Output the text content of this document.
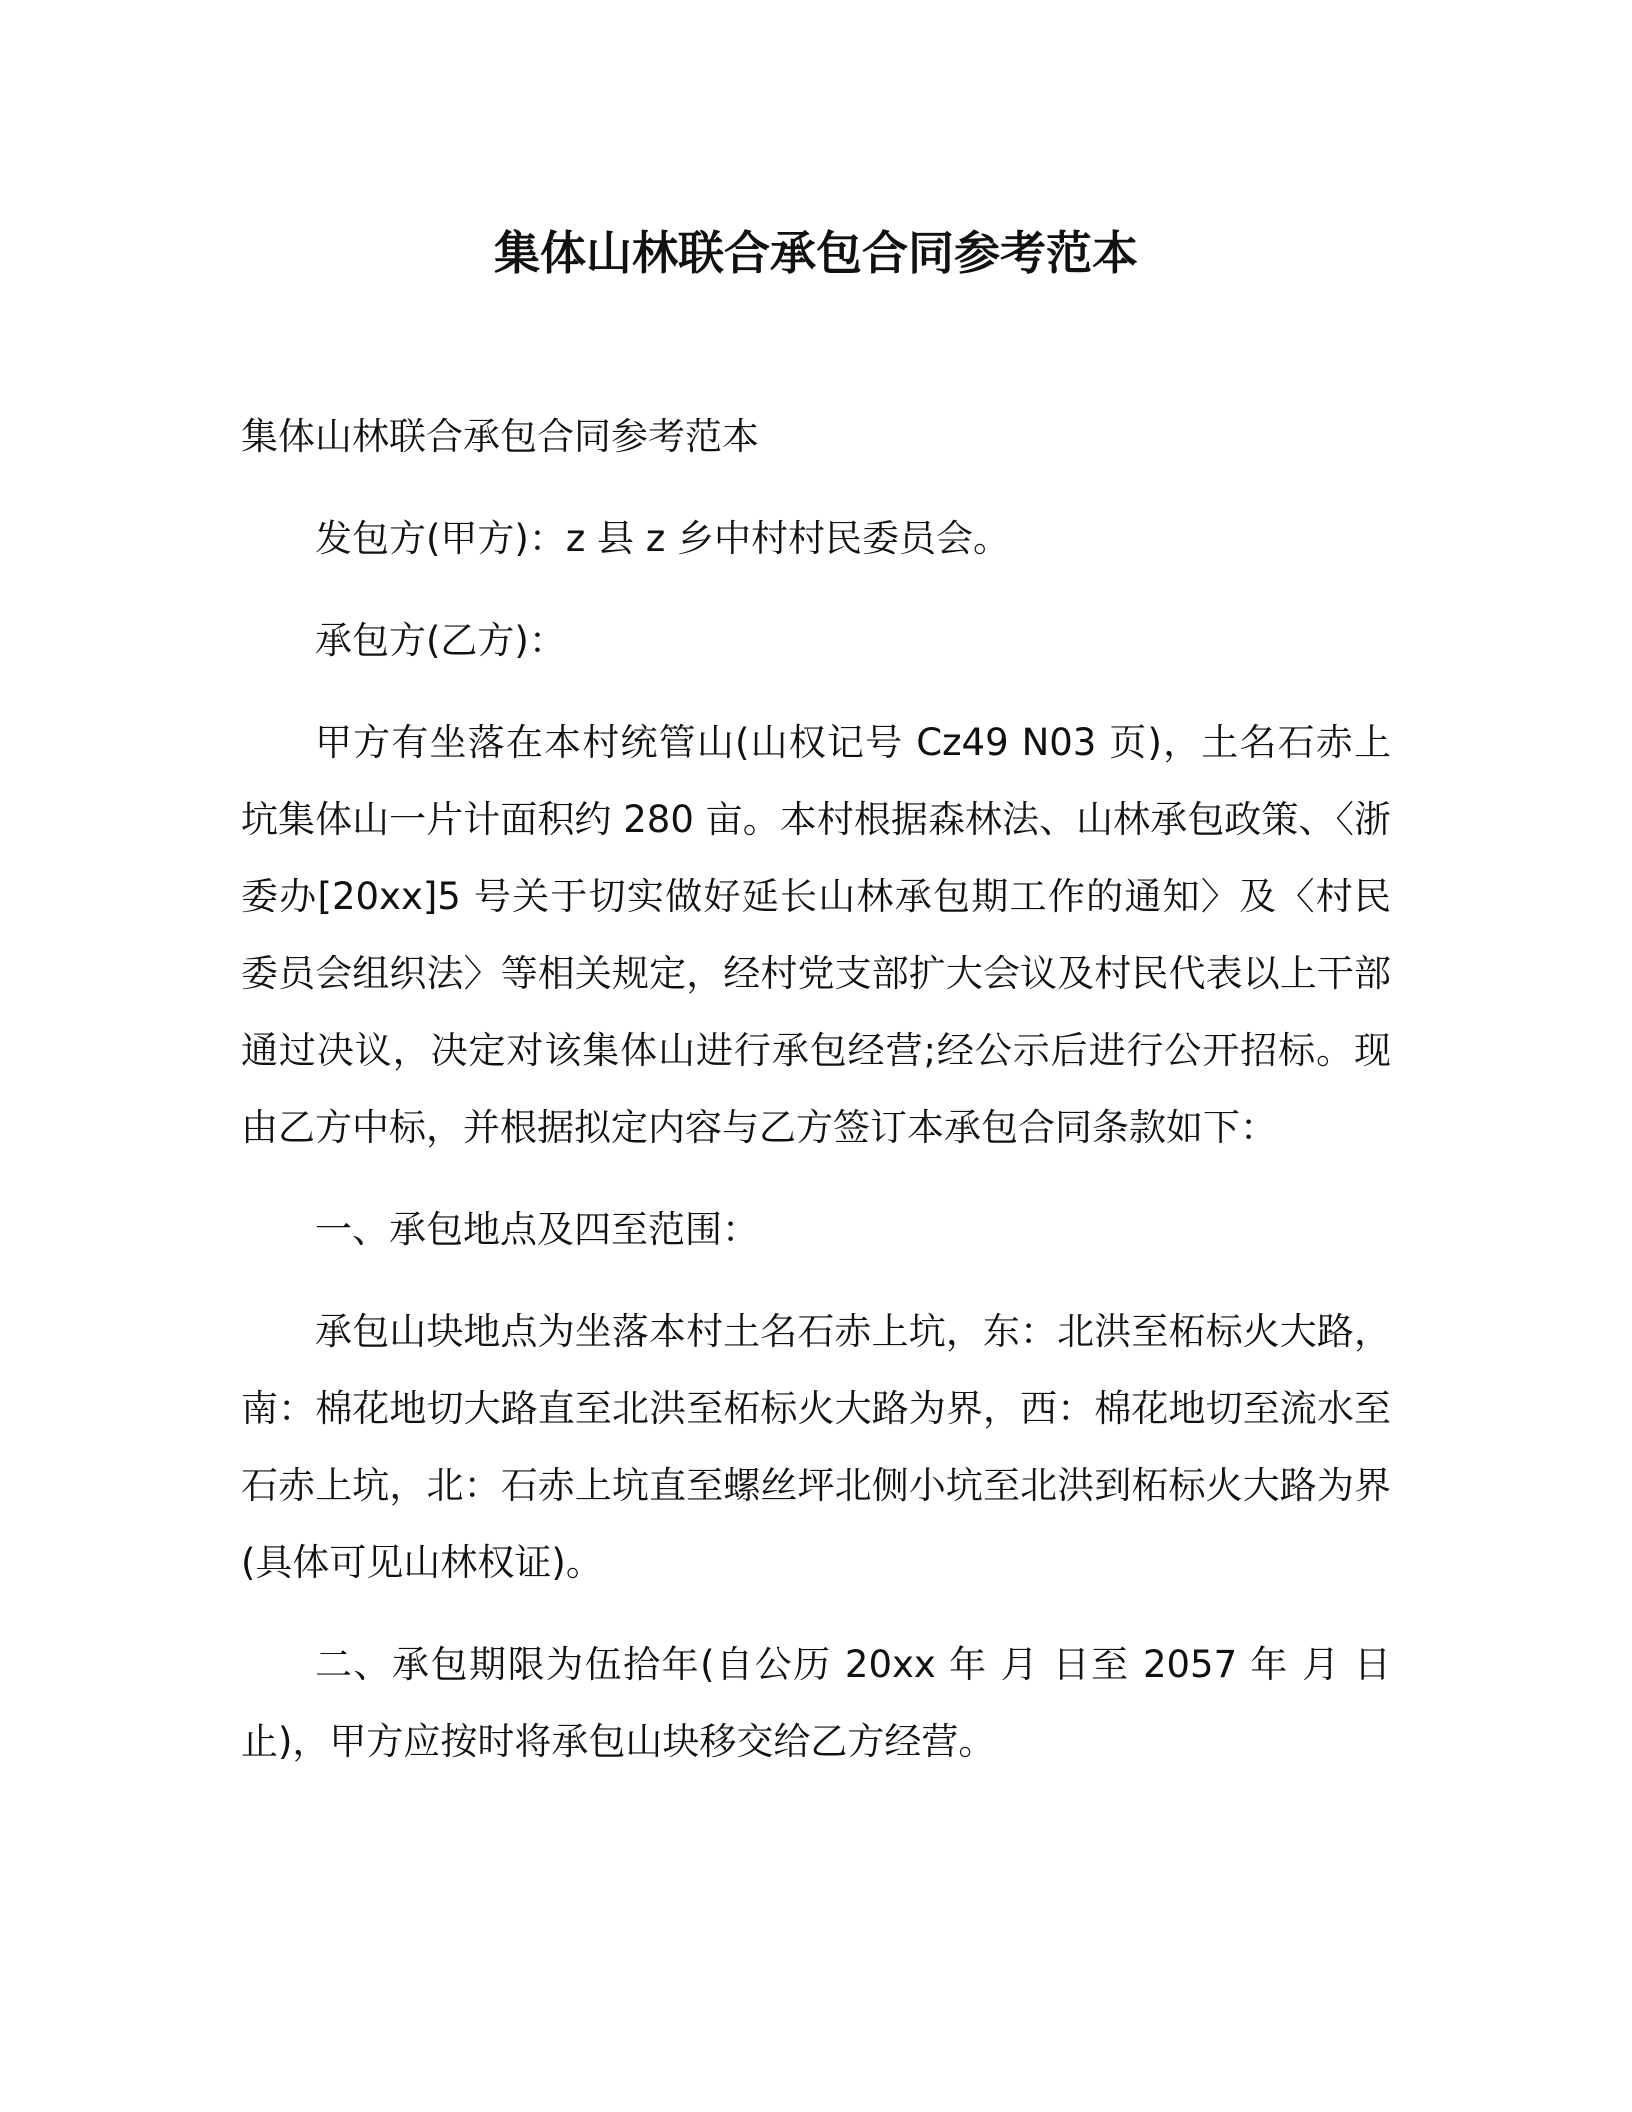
集体山林联合承包合同参考范本
集体山林联合承包合同参考范本

发包方(甲方)：z 县 z 乡中村村民委员会。

承包方(乙方)：

甲方有坐落在本村统管山(山权记号 Cz49 N03 页)，土名石赤上坑集体山一片计面积约 280 亩。本村根据森林法、山林承包政策、〈浙委办[20xx]5 号关于切实做好延长山林承包期工作的通知〉及〈村民委员会组织法〉等相关规定，经村党支部扩大会议及村民代表以上干部通过决议，决定对该集体山进行承包经营;经公示后进行公开招标。现由乙方中标，并根据拟定内容与乙方签订本承包合同条款如下：

一、承包地点及四至范围：

承包山块地点为坐落本村土名石赤上坑，东：北洪至柘标火大路，南：棉花地切大路直至北洪至柘标火大路为界，西：棉花地切至流水至石赤上坑，北：石赤上坑直至螺丝坪北侧小坑至北洪到柘标火大路为界(具体可见山林权证)。

二、承包期限为伍拾年(自公历 20xx 年 月 日至 2057 年 月 日止)，甲方应按时将承包山块移交给乙方经营。
